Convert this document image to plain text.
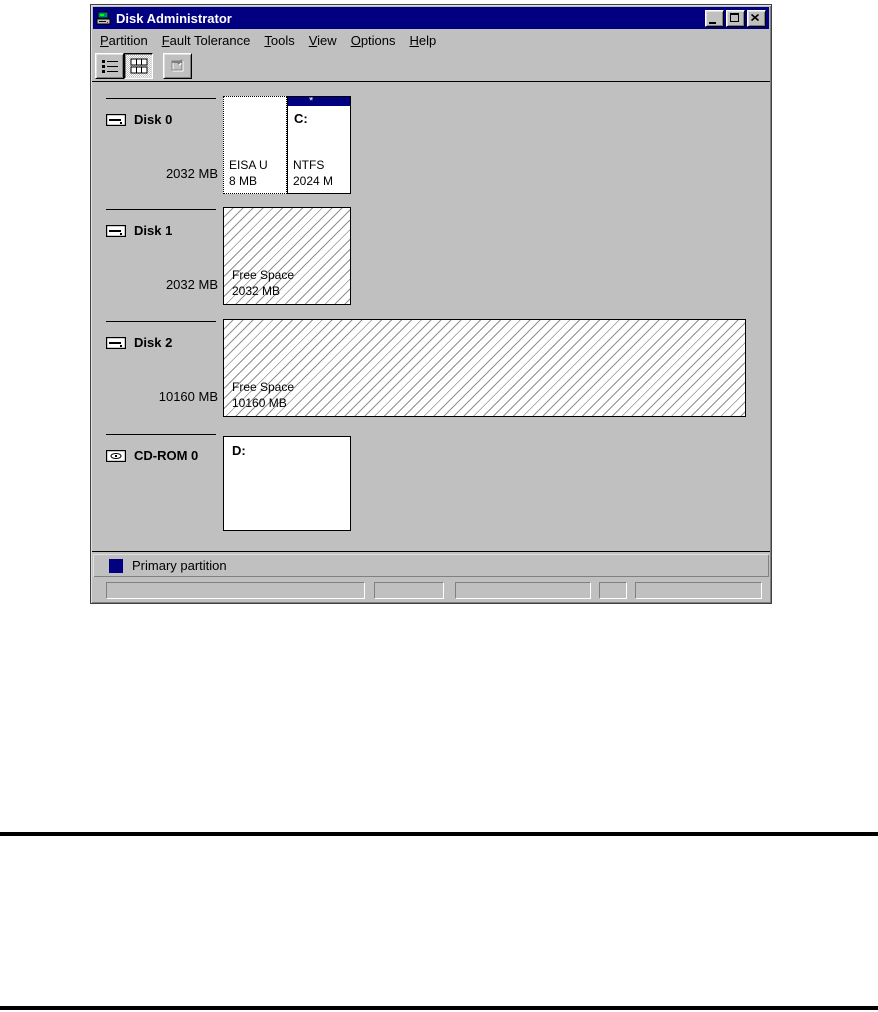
Disk Administrator
Partition	Fault Tolerance	Tools	View	Options	Help
Disk 0
2032 MB
EISA U
8 MB
*
C:
NTFS
2024 M
Disk 1
2032 MB
Free Space
2032 MB
Disk 2
10160 MB
Free Space
10160 MB
CD-ROM 0	D:
Primary partition
